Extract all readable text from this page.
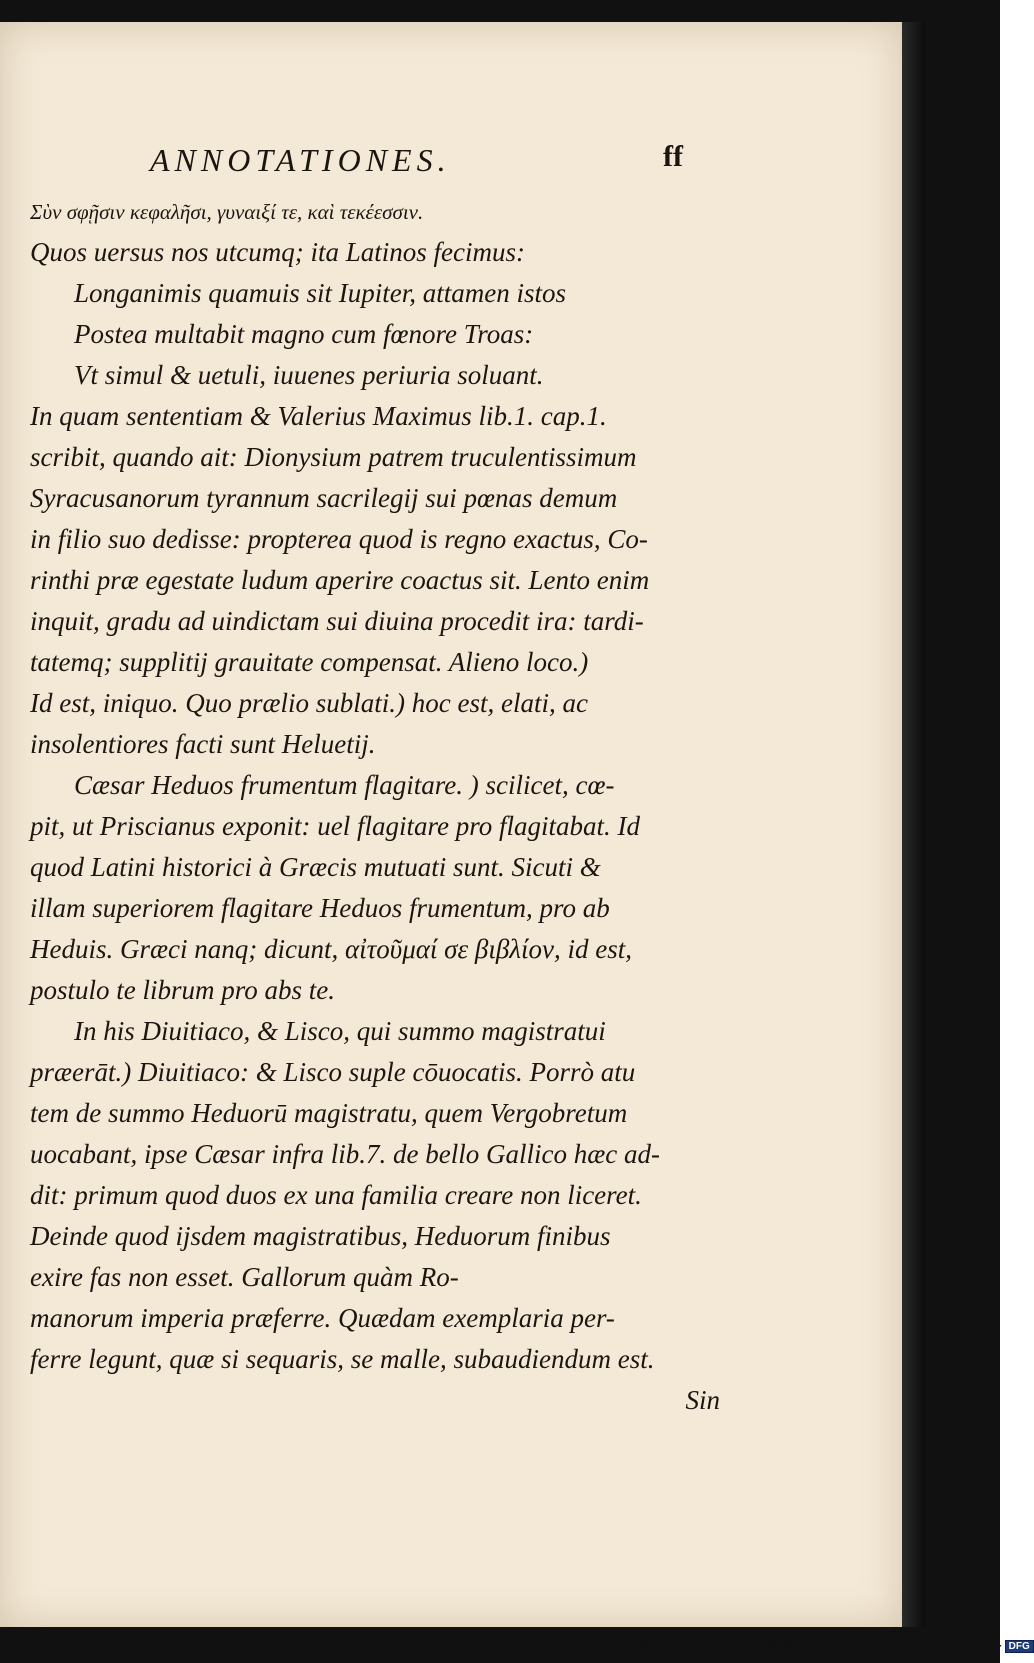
ANNOTATIONES.	ff
Σὺν σφῇσιν κεφαλῆσι, γυναιξί τε, καὶ τεκέεσσιν.
Quos uersus nos utcumq; ita Latinos fecimus:
Longanimis quamuis sit Iupiter, attamen istos
Postea multabit magno cum fœnore Troas:
Vt simul & uetuli, iuuenes periuria soluant.
In quam sententiam & Valerius Maximus lib.1. cap.1.
scribit, quando ait: Dionysium patrem truculentissimum
Syracusanorum tyrannum sacrilegij sui pœnas demum
in filio suo dedisse: propterea quod is regno exactus, Co-
rinthi præ egestate ludum aperire coactus sit. Lento enim
inquit, gradu ad uindictam sui diuina procedit ira: tardi-
tatemq; supplitij grauitate compensat. Alieno loco.)
Id est, iniquo. Quo prælio sublati.) hoc est, elati, ac
insolentiores facti sunt Heluetij.
Cæsar Heduos frumentum flagitare. ) scilicet, cœ-
pit, ut Priscianus exponit: uel flagitare pro flagitabat. Id
quod Latini historici à Græcis mutuati sunt. Sicuti &
illam superiorem flagitare Heduos frumentum, pro ab
Heduis. Græci nanq; dicunt, αἰτοῦμαί σε βιβλίον, id est,
postulo te librum pro abs te.
In his Diuitiaco, & Lisco, qui summo magistratui
præerāt.) Diuitiaco: & Lisco suple cōuocatis. Porrò atu
tem de summo Heduorū magistratu, quem Vergobretum
uocabant, ipse Cæsar infra lib.7. de bello Gallico hæc ad-
dit: primum quod duos ex una familia creare non liceret.
Deinde quod ijsdem magistratibus, Heduorum finibus
exire fas non esset. Gallorum quàm Ro-
manorum imperia præferre. Quædam exemplaria per-
ferre legunt, quæ si sequaris, se malle, subaudiendum est.
Sin
Digitalisierung gefördert durch die Deutsche Forschungsgemeinschaft - DFG
